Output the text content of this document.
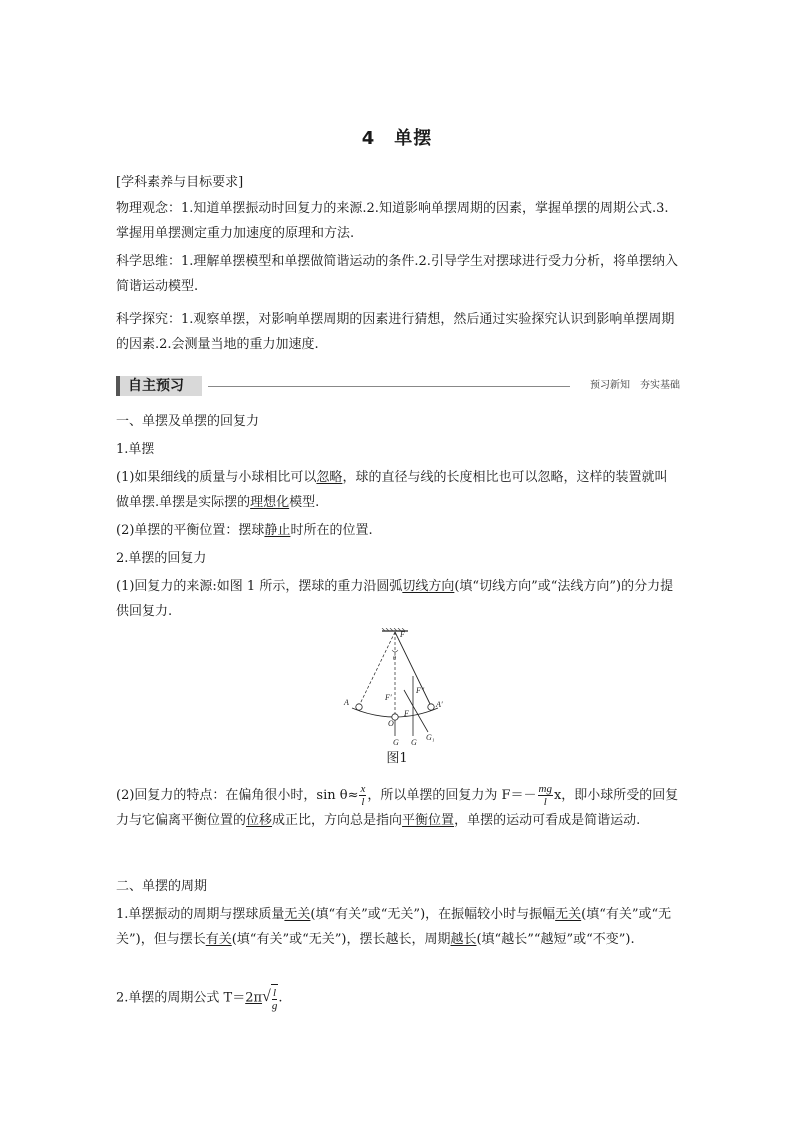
4　单摆

[学科素养与目标要求]

物理观念：1.知道单摆振动时回复力的来源.2.知道影响单摆周期的因素，掌握单摆的周期公式.3.掌握用单摆测定重力加速度的原理和方法.

科学思维：1.理解单摆模型和单摆做简谐运动的条件.2.引导学生对摆球进行受力分析，将单摆纳入简谐运动模型.

科学探究：1.观察单摆，对影响单摆周期的因素进行猜想，然后通过实验探究认识到影响单摆周期的因素.2.会测量当地的重力加速度.

自主预习	预习新知　夯实基础

一、单摆及单摆的回复力

1.单摆

(1)如果细线的质量与小球相比可以忽略，球的直径与线的长度相比也可以忽略，这样的装置就叫做单摆.单摆是实际摆的理想化模型.

(2)单摆的平衡位置：摆球静止时所在的位置.

2.单摆的回复力

(1)回复力的来源:如图 1 所示，摆球的重力沿圆弧切线方向(填“切线方向”或“法线方向”)的分力提供回复力.

A	A′
O
F
F′
F″
F
G G
G₁
θ
图1

(2)回复力的特点：在偏角很小时，$\sin \theta\approx \frac{x}{l}$ ，所以单摆的回复力为 $F=- \frac{mg}{l}$ x，即小球所受的回复力与它偏离平衡位置的位移成正比，方向总是指向平衡位置，单摆的运动可看成是简谐运动.

二、单摆的周期

1.单摆振动的周期与摆球质量无关(填“有关”或“无关”)，在振幅较小时与振幅无关(填“有关”或“无关”)，但与摆长有关(填“有关”或“无关”)，摆长越长，周期越长(填“越长”“越短”或“不变”).

2.单摆的周期公式 $T=2\pi√ \frac{l}{g}$ .
